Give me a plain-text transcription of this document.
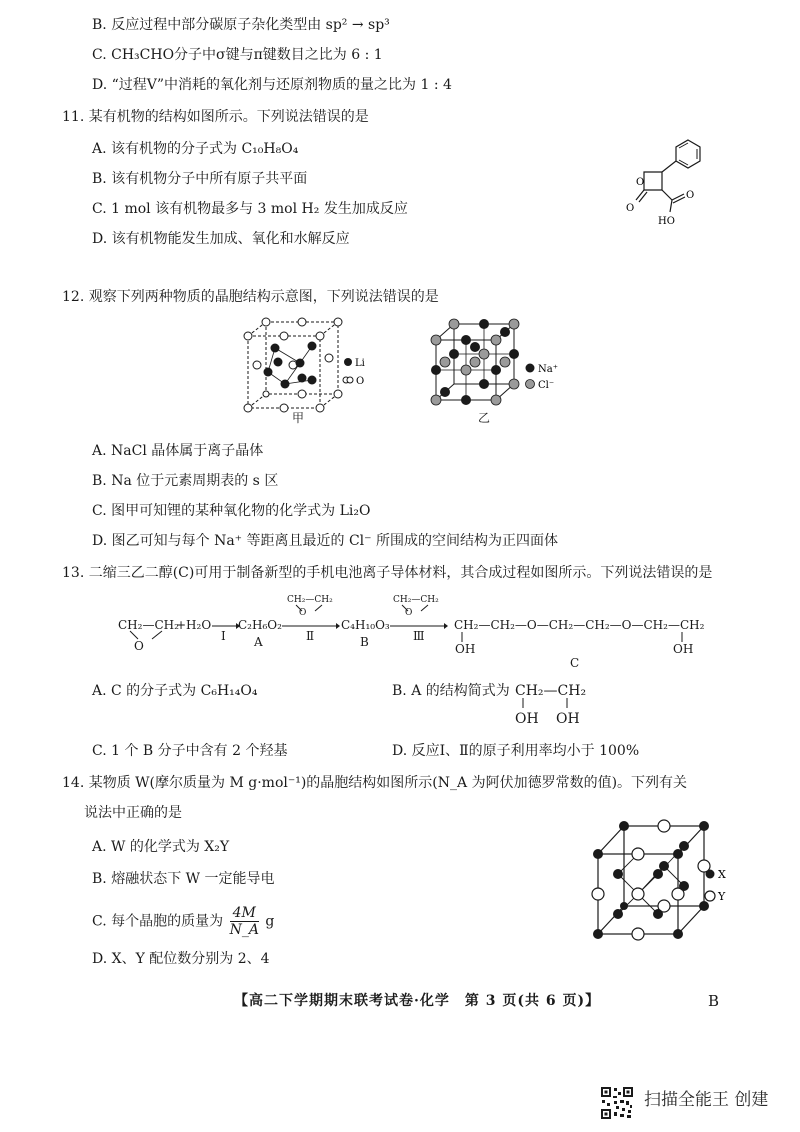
B. 反应过程中部分碳原子杂化类型由 sp² → sp³
C. CH₃CHO分子中σ键与π键数目之比为 6 : 1
D. “过程Ⅴ”中消耗的氧化剂与还原剂物质的量之比为 1 : 4
11. 某有机物的结构如图所示。下列说法错误的是
A. 该有机物的分子式为 C₁₀H₈O₄
B. 该有机物分子中所有原子共平面
C. 1 mol 该有机物最多与 3 mol H₂ 发生加成反应
D. 该有机物能发生加成、氧化和水解反应
O
O
HO
O
12. 观察下列两种物质的晶胞结构示意图，下列说法错误的是
Li
O
甲
Na⁺
Cl⁻
乙
A. NaCl 晶体属于离子晶体
B. Na 位于元素周期表的 s 区
C. 图甲可知锂的某种氧化物的化学式为 Li₂O
D. 图乙可知与每个 Na⁺ 等距离且最近的 Cl⁻ 所围成的空间结构为正四面体
13. 二缩三乙二醇(C)可用于制备新型的手机电池离子导体材料，其合成过程如图所示。下列说法错误的是
CH₂—CH₂
O
+H₂O
Ⅰ
C₂H₆O₂
A
CH₂—CH₂
O
Ⅱ
C₄H₁₀O₃
B
CH₂—CH₂
O
Ⅲ
CH₂—CH₂—O—CH₂—CH₂—O—CH₂—CH₂
OH	OH
C
A. C 的分子式为 C₆H₁₄O₄	B. A 的结构简式为 CH₂—CH₂
OH OH
C. 1 个 B 分子中含有 2 个羟基	D. 反应Ⅰ、Ⅱ的原子利用率均小于 100%
14. 某物质 W(摩尔质量为 M g·mol⁻¹)的晶胞结构如图所示(N_A 为阿伏加德罗常数的值)。下列有关
说法中正确的是
A. W 的化学式为 X₂Y
B. 熔融状态下 W 一定能导电
C. 每个晶胞的质量为 $\frac{4M}{N\_A}$ g
D. X、Y 配位数分别为 2、4
X
Y
【高二下学期期末联考试卷·化学　第 3 页(共 6 页)】	B
扫描全能王 创建
